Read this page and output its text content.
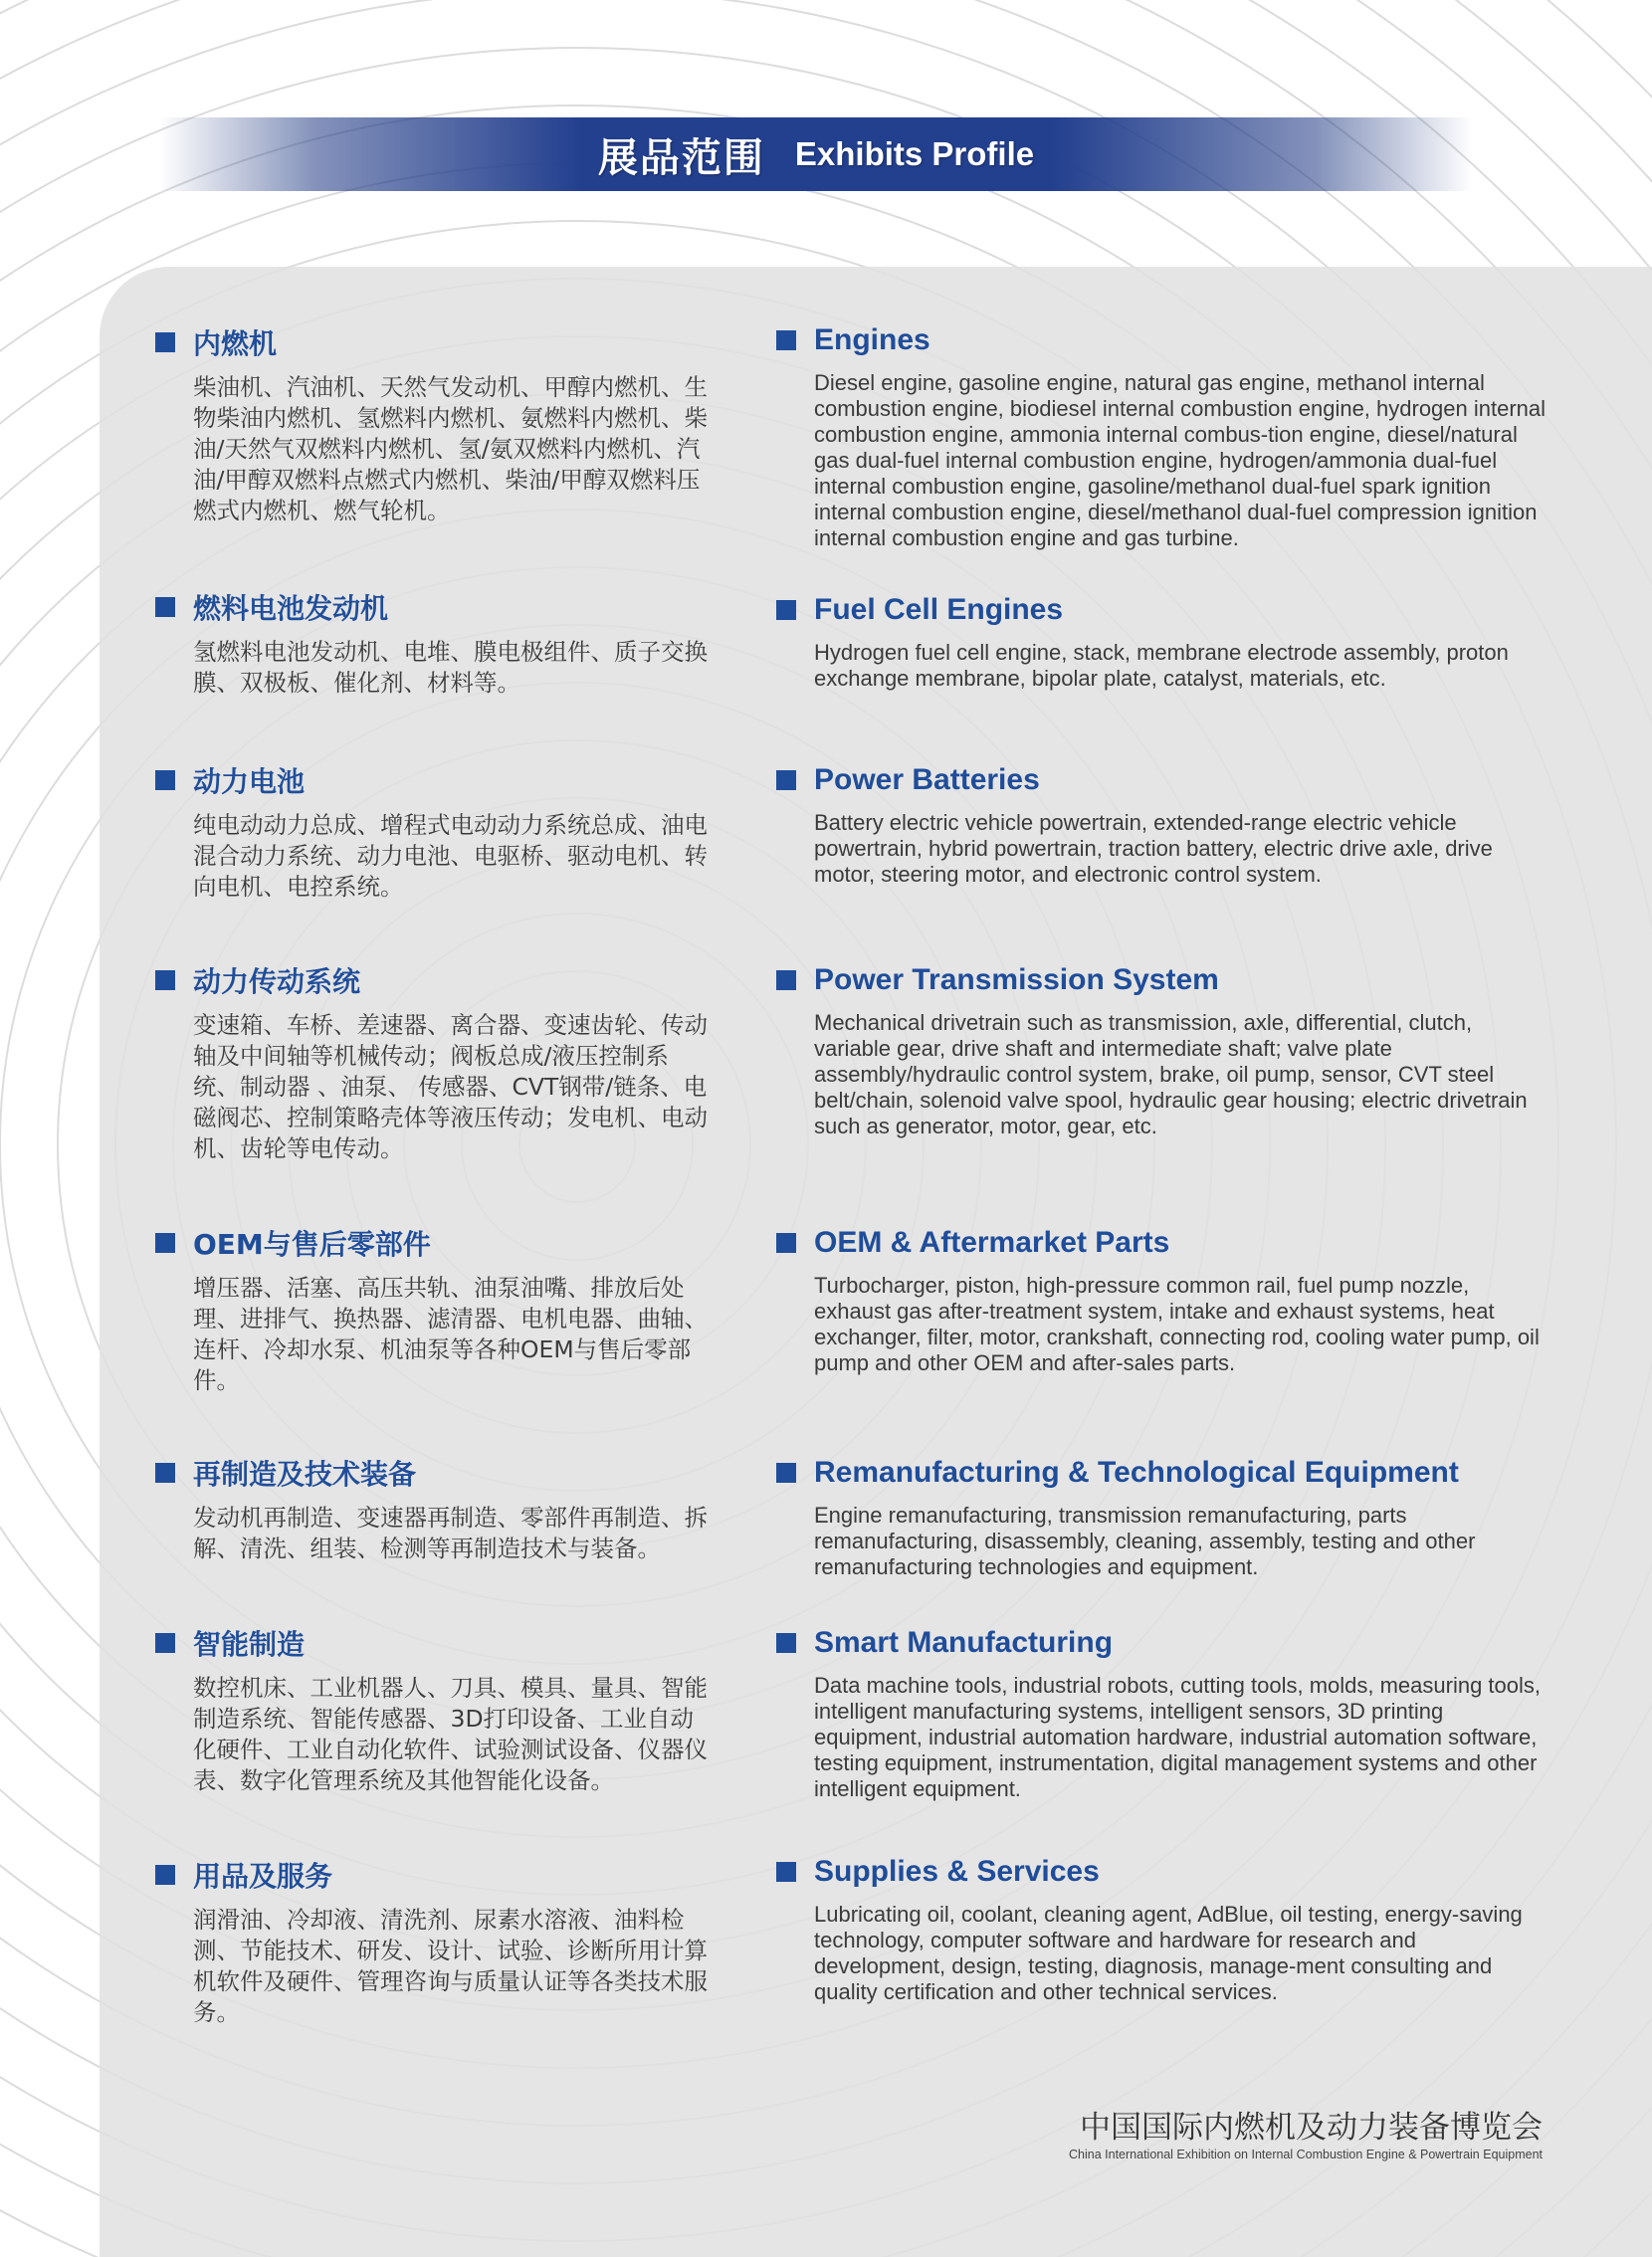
展品范围 Exhibits Profile
内燃机
柴油机、汽油机、天然气发动机、甲醇内燃机、生物柴油内燃机、氢燃料内燃机、氨燃料内燃机、柴油/天然气双燃料内燃机、氢/氨双燃料内燃机、汽油/甲醇双燃料点燃式内燃机、柴油/甲醇双燃料压燃式内燃机、燃气轮机。
燃料电池发动机
氢燃料电池发动机、电堆、膜电极组件、质子交换膜、双极板、催化剂、材料等。
动力电池
纯电动动力总成、增程式电动动力系统总成、油电混合动力系统、动力电池、电驱桥、驱动电机、转向电机、电控系统。
动力传动系统
变速箱、车桥、差速器、离合器、变速齿轮、传动轴及中间轴等机械传动；阀板总成/液压控制系统、制动器 、油泵、 传感器、CVT钢带/链条、电磁阀芯、控制策略壳体等液压传动；发电机、电动机、齿轮等电传动。
OEM与售后零部件
增压器、活塞、高压共轨、油泵油嘴、排放后处理、进排气、换热器、滤清器、电机电器、曲轴、连杆、冷却水泵、机油泵等各种OEM与售后零部件。
再制造及技术装备
发动机再制造、变速器再制造、零部件再制造、拆解、清洗、组装、检测等再制造技术与装备。
智能制造
数控机床、工业机器人、刀具、模具、量具、智能制造系统、智能传感器、3D打印设备、工业自动化硬件、工业自动化软件、试验测试设备、仪器仪表、数字化管理系统及其他智能化设备。
用品及服务
润滑油、冷却液、清洗剂、尿素水溶液、油料检测、节能技术、研发、设计、试验、诊断所用计算机软件及硬件、管理咨询与质量认证等各类技术服务。
Engines
Diesel engine, gasoline engine, natural gas engine, methanol internal combustion engine, biodiesel internal combustion engine, hydrogen internal combustion engine, ammonia internal combus-tion engine, diesel/natural gas dual-fuel internal combustion engine, hydrogen/ammonia dual-fuel internal combustion engine, gasoline/methanol dual-fuel spark ignition internal combustion engine, diesel/methanol dual-fuel compression ignition internal combustion engine and gas turbine.
Fuel Cell Engines
Hydrogen fuel cell engine, stack, membrane electrode assembly, proton exchange membrane, bipolar plate, catalyst, materials, etc.
Power Batteries
Battery electric vehicle powertrain, extended-range electric vehicle powertrain, hybrid powertrain, traction battery, electric drive axle, drive motor, steering motor, and electronic control system.
Power Transmission System
Mechanical drivetrain such as transmission, axle, differential, clutch, variable gear, drive shaft and intermediate shaft; valve plate assembly/hydraulic control system, brake, oil pump, sensor, CVT steel belt/chain, solenoid valve spool, hydraulic gear housing; electric drivetrain such as generator, motor, gear, etc.
OEM & Aftermarket Parts
Turbocharger, piston, high-pressure common rail, fuel pump nozzle, exhaust gas after-treatment system, intake and exhaust systems, heat exchanger, filter, motor, crankshaft, connecting rod, cooling water pump, oil pump and other OEM and after-sales parts.
Remanufacturing & Technological Equipment
Engine remanufacturing, transmission remanufacturing, parts remanufacturing, disassembly, cleaning, assembly, testing and other remanufacturing technologies and equipment.
Smart Manufacturing
Data machine tools, industrial robots, cutting tools, molds, measuring tools, intelligent manufacturing systems, intelligent sensors, 3D printing equipment, industrial automation hardware, industrial automation software, testing equipment, instrumentation, digital management systems and other intelligent equipment.
Supplies & Services
Lubricating oil, coolant, cleaning agent, AdBlue, oil testing, energy-saving technology, computer software and hardware for research and development, design, testing, diagnosis, manage-ment consulting and quality certification and other technical services.
中国国际内燃机及动力装备博览会
China International Exhibition on Internal Combustion Engine & Powertrain Equipment
